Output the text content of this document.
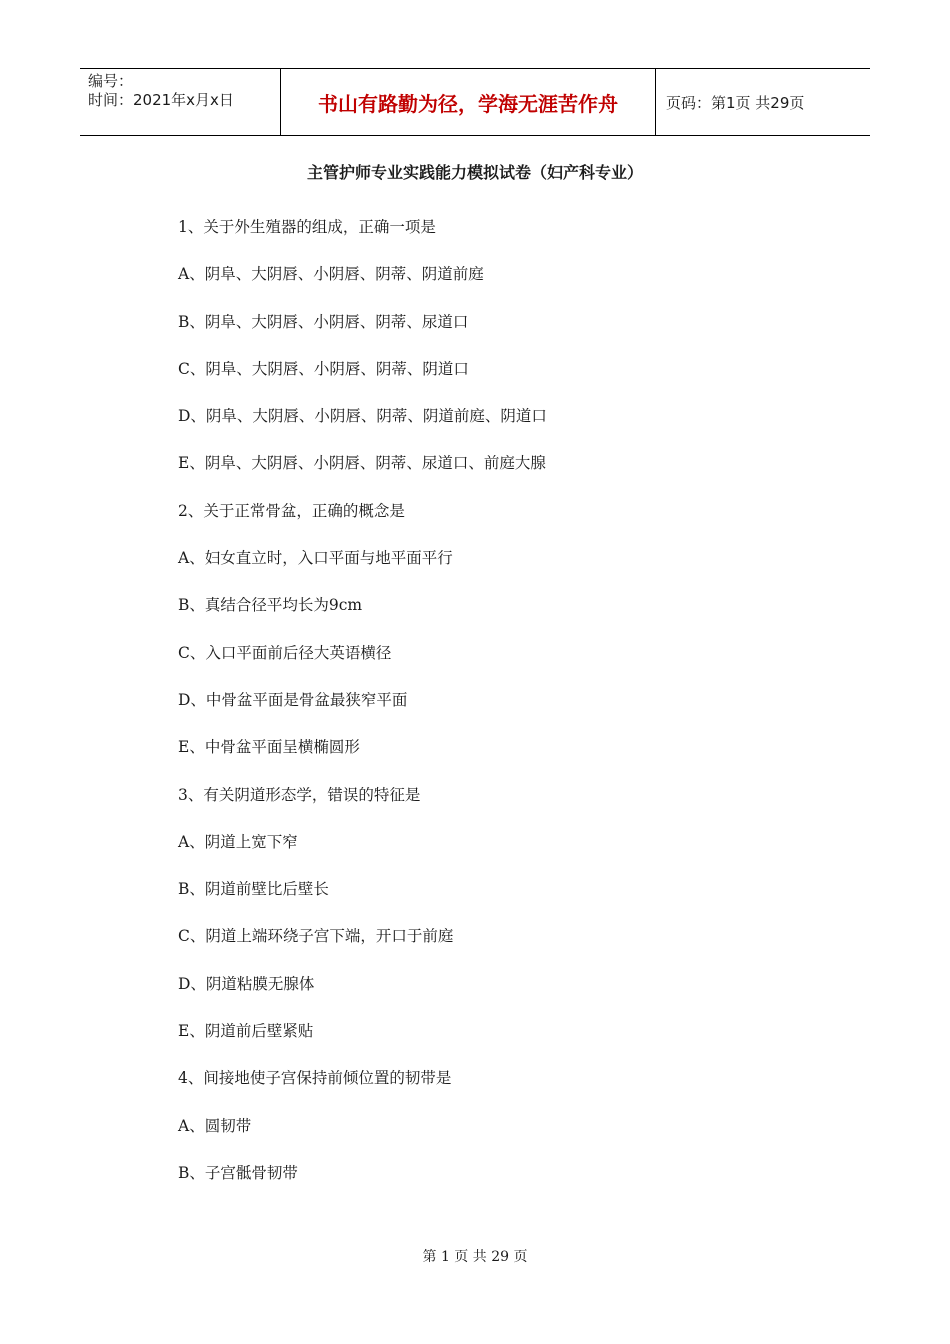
编号：
时间：2021年x月x日	书山有路勤为径，学海无涯苦作舟	页码：第1页 共29页
主管护师专业实践能力模拟试卷（妇产科专业）
1、关于外生殖器的组成，正确一项是
A、阴阜、大阴唇、小阴唇、阴蒂、阴道前庭
B、阴阜、大阴唇、小阴唇、阴蒂、尿道口
C、阴阜、大阴唇、小阴唇、阴蒂、阴道口
D、阴阜、大阴唇、小阴唇、阴蒂、阴道前庭、阴道口
E、阴阜、大阴唇、小阴唇、阴蒂、尿道口、前庭大腺
2、关于正常骨盆，正确的概念是
A、妇女直立时，入口平面与地平面平行
B、真结合径平均长为9cm
C、入口平面前后径大英语横径
D、中骨盆平面是骨盆最狭窄平面
E、中骨盆平面呈横椭圆形
3、有关阴道形态学，错误的特征是
A、阴道上宽下窄
B、阴道前壁比后壁长
C、阴道上端环绕子宫下端，开口于前庭
D、阴道粘膜无腺体
E、阴道前后壁紧贴
4、间接地使子宫保持前倾位置的韧带是
A、圆韧带
B、子宫骶骨韧带
第 1 页 共 29 页
